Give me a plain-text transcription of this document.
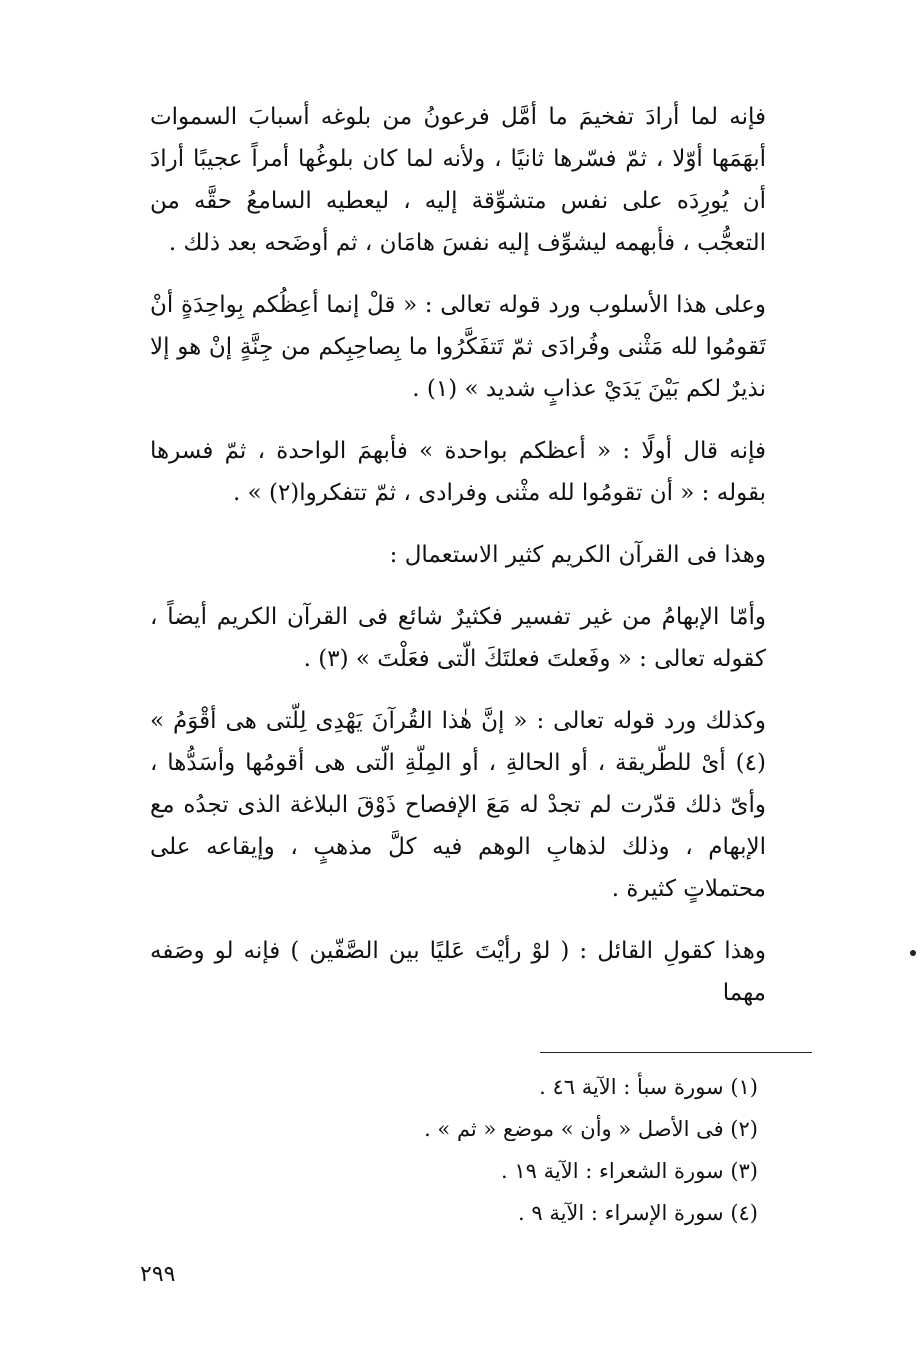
فإنه لما أرادَ تفخيمَ ما أمَّل فرعونُ من بلوغه أسبابَ السموات أبهَمَها أوّلا ، ثمّ فسّرها ثانيًا ، ولأنه لما كان بلوغُها أمراً عجيبًا أرادَ أن يُورِدَه على نفس متشوِّقة إليه ، ليعطيه السامعُ حقَّه من التعجُّب ، فأبهمه ليشوِّف إليه نفسَ هامَان ، ثم أوضَحه بعد ذلك .

وعلى هذا الأسلوب ورد قوله تعالى : « قلْ إنما أعِظُكم بِواحِدَةٍ أنْ تَقومُوا لله مَثْنى وفُرادَى ثمّ تَتفَكَّرُوا ما بِصاحِبِكم من جِنَّةٍ إنْ هو إلا نذيرٌ لكم بَيْنَ يَدَيْ عذابٍ شديد » (١) .

فإنه قال أولًا : « أعظكم بواحدة » فأبهمَ الواحدة ، ثمّ فسرها بقوله : « أن تقومُوا لله مثْنى وفرادى ، ثمّ تتفكروا(٢) » .

وهذا فى القرآن الكريم كثير الاستعمال :

وأمّا الإبهامُ من غير تفسير فكثيرٌ شائع فى القرآن الكريم أيضاً ، كقوله تعالى : « وفَعلتَ فعلتَكَ الّتى فعَلْتَ » (٣) .

وكذلك ورد قوله تعالى : « إنَّ هٰذا القُرآنَ يَهْدِى لِلّتى هى أقْوَمُ » (٤) أىْ للطّريقة ، أو الحالةِ ، أو المِلّةِ الّتى هى أقومُها وأسَدُّها ، وأىّ ذلك قدّرت لم تجدْ له مَعَ الإفصاح ذَوْقَ البلاغة الذى تجدُه مع الإبهام ، وذلك لذهابِ الوهم فيه كلَّ مذهبٍ ، وإيقاعه على محتملاتٍ كثيرة .

وهذا كقولِ القائل : ( لوْ رأيْتَ عَليًا بين الصَّفّين ) فإنه لو وصَفه مهما

(١) سورة سبأ : الآية ٤٦ .
(٢) فى الأصل « وأن » موضع « ثم » .
(٣) سورة الشعراء : الآية ١٩ .
(٤) سورة الإسراء : الآية ٩ .
٢٩٩
